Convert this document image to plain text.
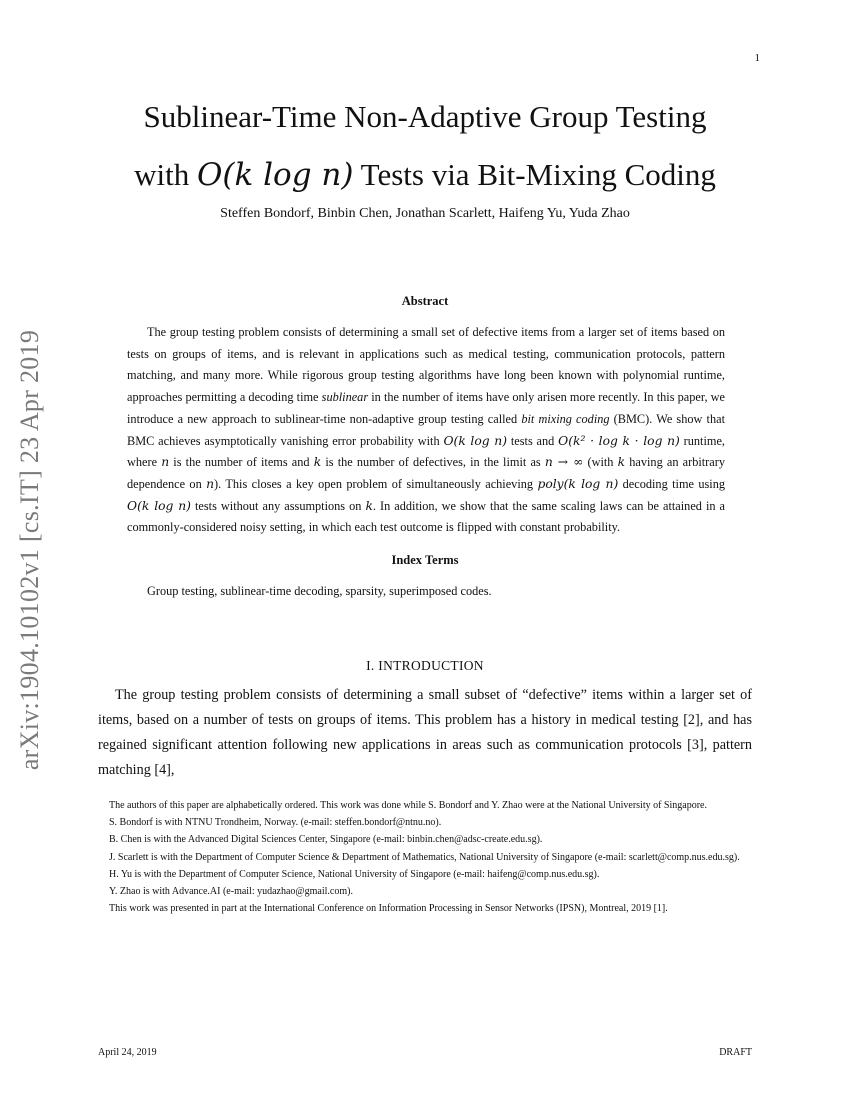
1
Sublinear-Time Non-Adaptive Group Testing
with O(k log n) Tests via Bit-Mixing Coding
Steffen Bondorf, Binbin Chen, Jonathan Scarlett, Haifeng Yu, Yuda Zhao
arXiv:1904.10102v1 [cs.IT] 23 Apr 2019
Abstract

The group testing problem consists of determining a small set of defective items from a larger set of items based on tests on groups of items, and is relevant in applications such as medical testing, communication protocols, pattern matching, and many more. While rigorous group testing algorithms have long been known with polynomial runtime, approaches permitting a decoding time sublinear in the number of items have only arisen more recently. In this paper, we introduce a new approach to sublinear-time non-adaptive group testing called bit mixing coding (BMC). We show that BMC achieves asymptotically vanishing error probability with O(k log n) tests and O(k² · log k · log n) runtime, where n is the number of items and k is the number of defectives, in the limit as n → ∞ (with k having an arbitrary dependence on n). This closes a key open problem of simultaneously achieving poly(k log n) decoding time using O(k log n) tests without any assumptions on k. In addition, we show that the same scaling laws can be attained in a commonly-considered noisy setting, in which each test outcome is flipped with constant probability.

Index Terms
Group testing, sublinear-time decoding, sparsity, superimposed codes.
I. INTRODUCTION

The group testing problem consists of determining a small subset of “defective” items within a larger set of items, based on a number of tests on groups of items. This problem has a history in medical testing [2], and has regained significant attention following new applications in areas such as communication protocols [3], pattern matching [4],

The authors of this paper are alphabetically ordered. This work was done while S. Bondorf and Y. Zhao were at the National University of Singapore.

S. Bondorf is with NTNU Trondheim, Norway. (e-mail: steffen.bondorf@ntnu.no).

B. Chen is with the Advanced Digital Sciences Center, Singapore (e-mail: binbin.chen@adsc-create.edu.sg).

J. Scarlett is with the Department of Computer Science & Department of Mathematics, National University of Singapore (e-mail: scarlett@comp.nus.edu.sg).

H. Yu is with the Department of Computer Science, National University of Singapore (e-mail: haifeng@comp.nus.edu.sg).

Y. Zhao is with Advance.AI (e-mail: yudazhao@gmail.com).

This work was presented in part at the International Conference on Information Processing in Sensor Networks (IPSN), Montreal, 2019 [1].

April 24, 2019	DRAFT
